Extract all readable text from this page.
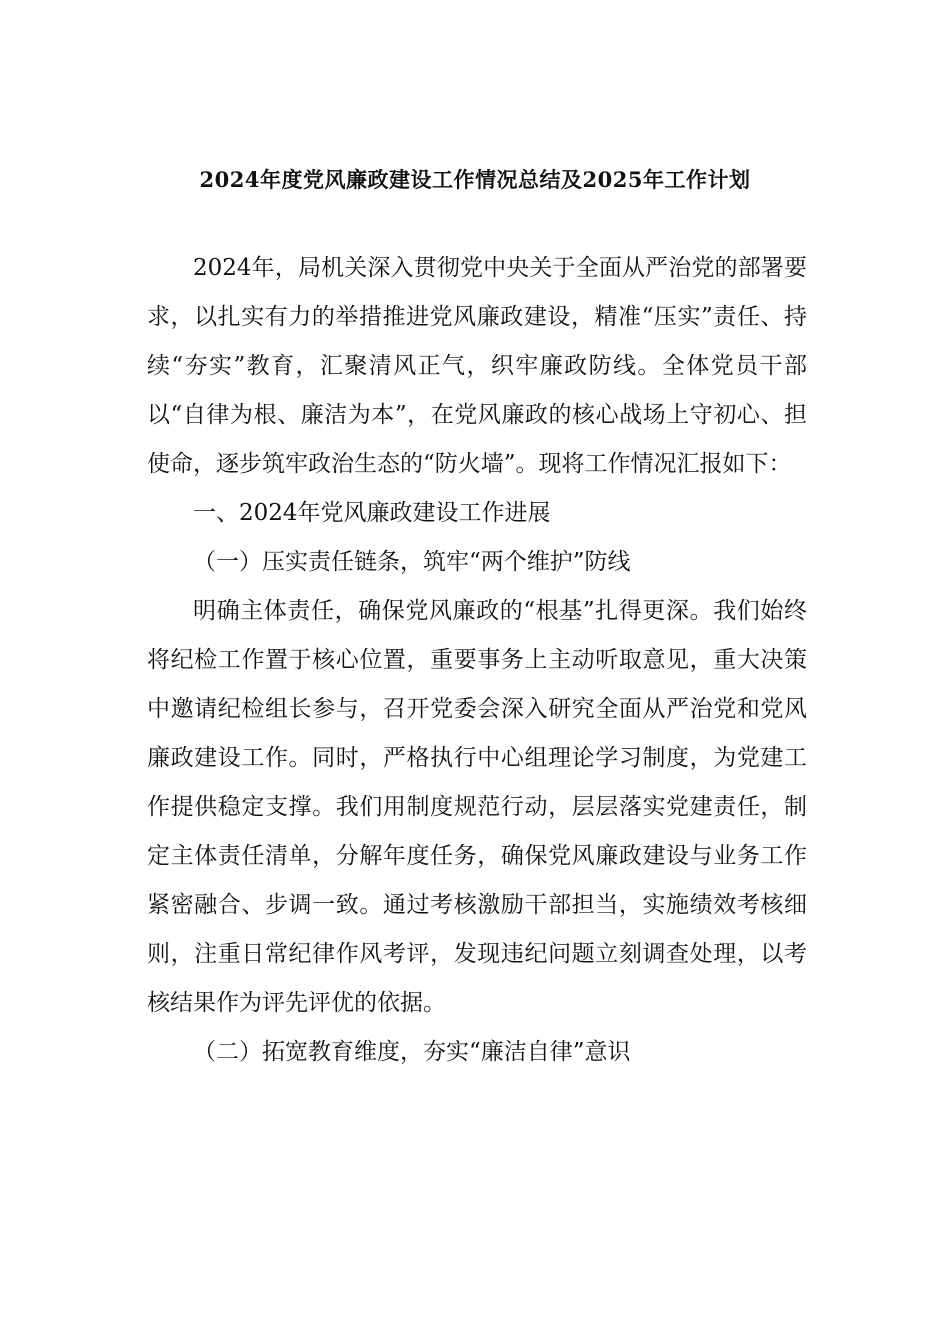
2024年度党风廉政建设工作情况总结及2025年工作计划

2024年，局机关深入贯彻党中央关于全面从严治党的部署要求，以扎实有力的举措推进党风廉政建设，精准“压实”责任、持续“夯实”教育，汇聚清风正气，织牢廉政防线。全体党员干部以“自律为根、廉洁为本”，在党风廉政的核心战场上守初心、担使命，逐步筑牢政治生态的“防火墙”。现将工作情况汇报如下：

一、2024年党风廉政建设工作进展

（一）压实责任链条，筑牢“两个维护”防线

明确主体责任，确保党风廉政的“根基”扎得更深。我们始终将纪检工作置于核心位置，重要事务上主动听取意见，重大决策中邀请纪检组长参与，召开党委会深入研究全面从严治党和党风廉政建设工作。同时，严格执行中心组理论学习制度，为党建工作提供稳定支撑。我们用制度规范行动，层层落实党建责任，制定主体责任清单，分解年度任务，确保党风廉政建设与业务工作紧密融合、步调一致。通过考核激励干部担当，实施绩效考核细则，注重日常纪律作风考评，发现违纪问题立刻调查处理，以考核结果作为评先评优的依据。

（二）拓宽教育维度，夯实“廉洁自律”意识
